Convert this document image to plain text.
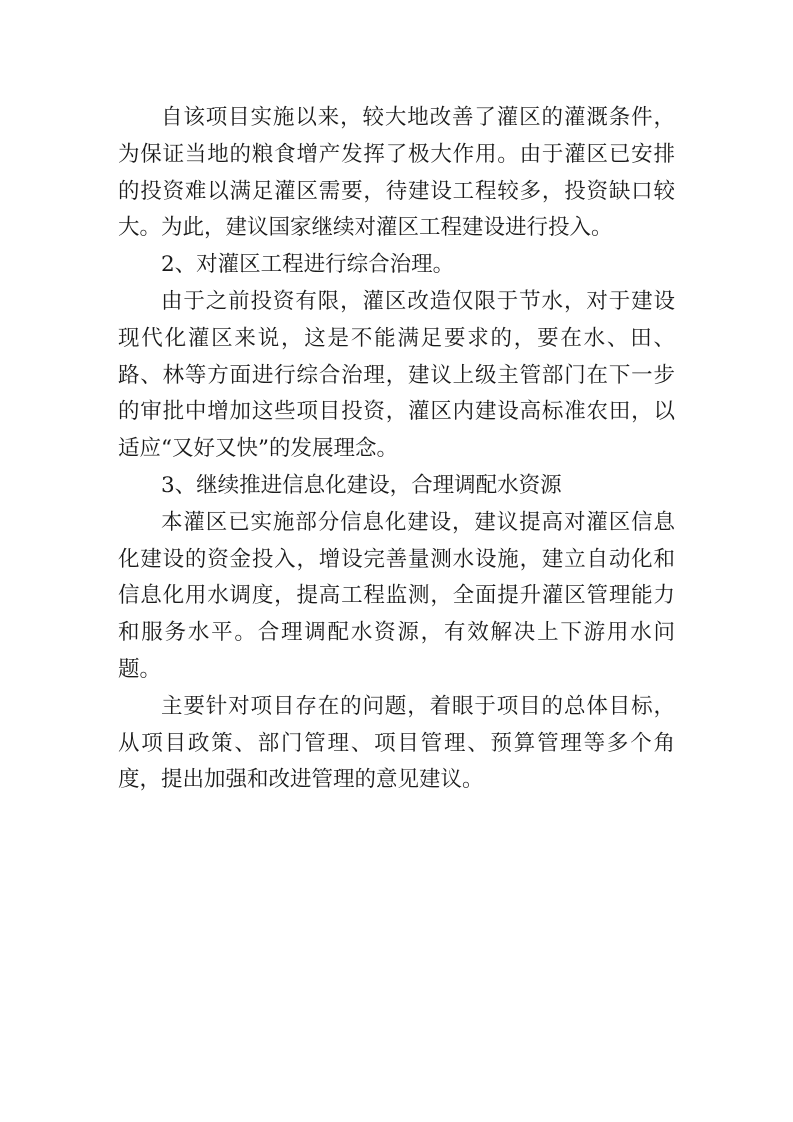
自该项目实施以来，较大地改善了灌区的灌溉条件，为保证当地的粮食增产发挥了极大作用。由于灌区已安排的投资难以满足灌区需要，待建设工程较多，投资缺口较大。为此，建议国家继续对灌区工程建设进行投入。

2、对灌区工程进行综合治理。

由于之前投资有限，灌区改造仅限于节水，对于建设现代化灌区来说，这是不能满足要求的，要在水、田、路、林等方面进行综合治理，建议上级主管部门在下一步的审批中增加这些项目投资，灌区内建设高标准农田，以适应“又好又快”的发展理念。

3、继续推进信息化建设，合理调配水资源

本灌区已实施部分信息化建设，建议提高对灌区信息化建设的资金投入，增设完善量测水设施，建立自动化和信息化用水调度，提高工程监测，全面提升灌区管理能力和服务水平。合理调配水资源，有效解决上下游用水问题。

主要针对项目存在的问题，着眼于项目的总体目标，从项目政策、部门管理、项目管理、预算管理等多个角度，提出加强和改进管理的意见建议。
